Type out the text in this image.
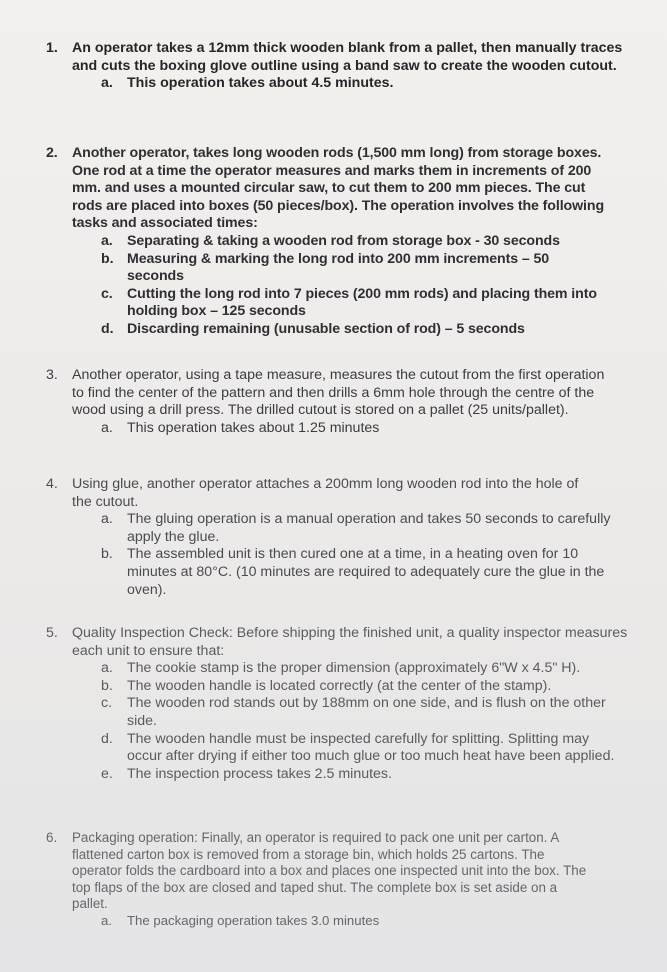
1. An operator takes a 12mm thick wooden blank from a pallet, then manually traces and cuts the boxing glove outline using a band saw to create the wooden cutout.
a. This operation takes about 4.5 minutes.
2. Another operator, takes long wooden rods (1,500 mm long) from storage boxes. One rod at a time the operator measures and marks them in increments of 200 mm. and uses a mounted circular saw, to cut them to 200 mm pieces. The cut rods are placed into boxes (50 pieces/box). The operation involves the following tasks and associated times:
a. Separating & taking a wooden rod from storage box - 30 seconds
b. Measuring & marking the long rod into 200 mm increments – 50 seconds
c. Cutting the long rod into 7 pieces (200 mm rods) and placing them into holding box – 125 seconds
d. Discarding remaining (unusable section of rod) – 5 seconds
3. Another operator, using a tape measure, measures the cutout from the first operation to find the center of the pattern and then drills a 6mm hole through the centre of the wood using a drill press. The drilled cutout is stored on a pallet (25 units/pallet).
a. This operation takes about 1.25 minutes
4. Using glue, another operator attaches a 200mm long wooden rod into the hole of the cutout.
a. The gluing operation is a manual operation and takes 50 seconds to carefully apply the glue.
b. The assembled unit is then cured one at a time, in a heating oven for 10 minutes at 80°C. (10 minutes are required to adequately cure the glue in the oven).
5. Quality Inspection Check: Before shipping the finished unit, a quality inspector measures each unit to ensure that:
a. The cookie stamp is the proper dimension (approximately 6"W x 4.5" H).
b. The wooden handle is located correctly (at the center of the stamp).
c. The wooden rod stands out by 188mm on one side, and is flush on the other side.
d. The wooden handle must be inspected carefully for splitting. Splitting may occur after drying if either too much glue or too much heat have been applied.
e. The inspection process takes 2.5 minutes.
6. Packaging operation: Finally, an operator is required to pack one unit per carton. A flattened carton box is removed from a storage bin, which holds 25 cartons. The operator folds the cardboard into a box and places one inspected unit into the box. The top flaps of the box are closed and taped shut. The complete box is set aside on a pallet.
a. The packaging operation takes 3.0 minutes
